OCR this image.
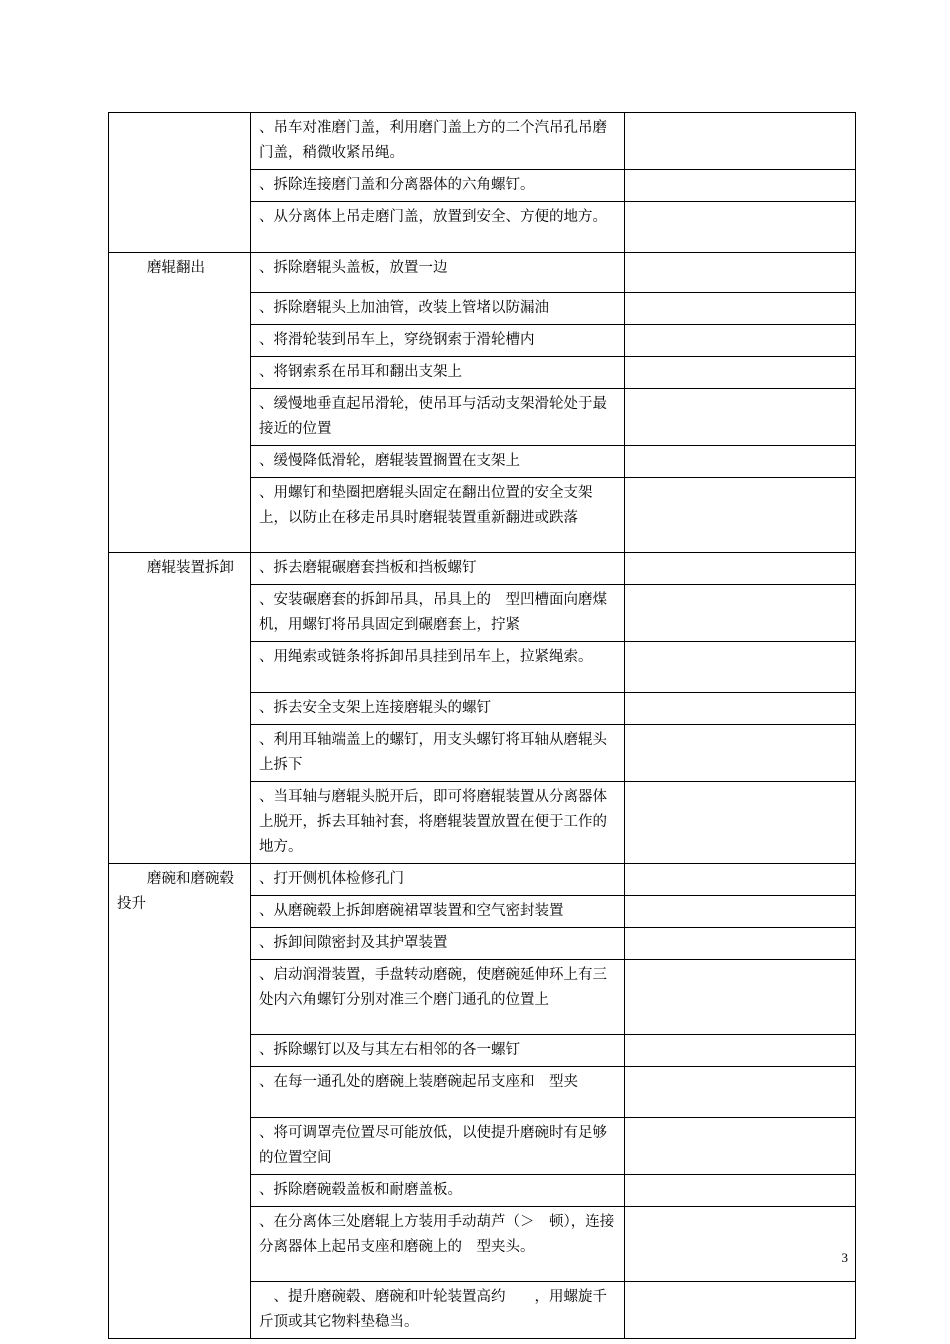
	、吊车对准磨门盖，利用磨门盖上方的二个汽吊孔吊磨门盖，稍微收紧吊绳。	
	、拆除连接磨门盖和分离器体的六角螺钉。	
	、从分离体上吊走磨门盖，放置到安全、方便的地方。	
磨辊翻出	、拆除磨辊头盖板，放置一边	
	、拆除磨辊头上加油管，改装上管堵以防漏油	
	、将滑轮装到吊车上，穿绕钢索于滑轮槽内	
	、将钢索系在吊耳和翻出支架上	
	、缓慢地垂直起吊滑轮，使吊耳与活动支架滑轮处于最接近的位置	
	、缓慢降低滑轮，磨辊装置搁置在支架上	
	、用螺钉和垫圈把磨辊头固定在翻出位置的安全支架上，以防止在移走吊具时磨辊装置重新翻进或跌落	
磨辊装置拆卸	、拆去磨辊碾磨套挡板和挡板螺钉	
	、安装碾磨套的拆卸吊具，吊具上的　型凹槽面向磨煤机，用螺钉将吊具固定到碾磨套上，拧紧	
	、用绳索或链条将拆卸吊具挂到吊车上，拉紧绳索。	
	、拆去安全支架上连接磨辊头的螺钉	
	、利用耳轴端盖上的螺钉，用支头螺钉将耳轴从磨辊头上拆下	
	、当耳轴与磨辊头脱开后，即可将磨辊装置从分离器体上脱开，拆去耳轴衬套，将磨辊装置放置在便于工作的地方。	
磨碗和磨碗毂投升	、打开侧机体检修孔门	
	、从磨碗毂上拆卸磨碗裙罩装置和空气密封装置	
	、拆卸间隙密封及其护罩装置	
	、启动润滑装置，手盘转动磨碗，使磨碗延伸环上有三处内六角螺钉分别对准三个磨门通孔的位置上	
	、拆除螺钉以及与其左右相邻的各一螺钉	
	、在每一通孔处的磨碗上装磨碗起吊支座和　型夹	
	、将可调罩壳位置尽可能放低，以使提升磨碗时有足够的位置空间	
	、拆除磨碗毂盖板和耐磨盖板。	
	、在分离体三处磨辊上方装用手动葫芦（＞　顿），连接分离器体上起吊支座和磨碗上的　型夹头。	
	　、提升磨碗毂、磨碗和叶轮装置高约　　，用螺旋千斤顶或其它物料垫稳当。	
3
